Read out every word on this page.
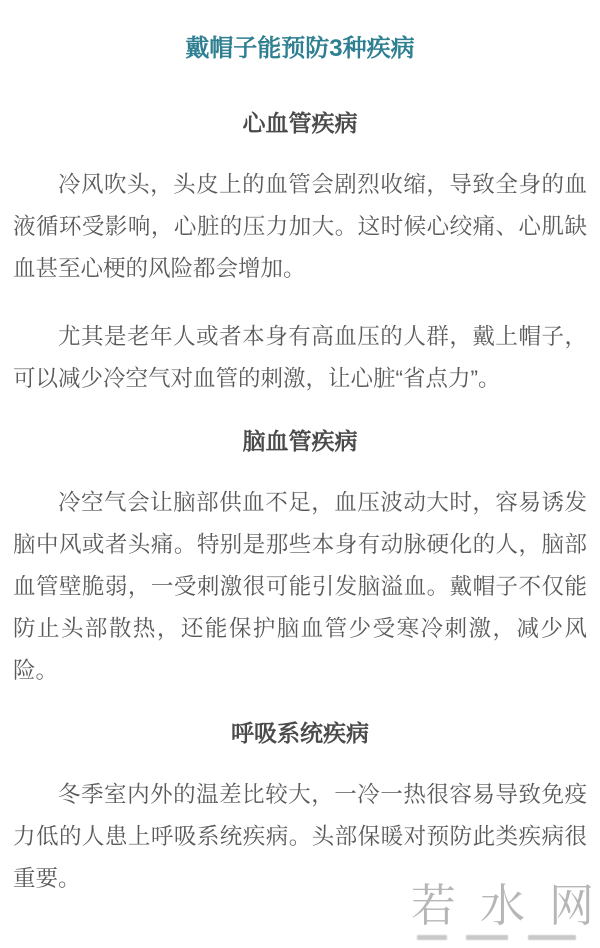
戴帽子能预防3种疾病
心血管疾病

冷风吹头，头皮上的血管会剧烈收缩，导致全身的血液循环受影响，心脏的压力加大。这时候心绞痛、心肌缺血甚至心梗的风险都会增加。

尤其是老年人或者本身有高血压的人群，戴上帽子，可以减少冷空气对血管的刺激，让心脏“省点力”。

脑血管疾病

冷空气会让脑部供血不足，血压波动大时，容易诱发脑中风或者头痛。特别是那些本身有动脉硬化的人，脑部血管壁脆弱，一受刺激很可能引发脑溢血。戴帽子不仅能防止头部散热，还能保护脑血管少受寒冷刺激，减少风险。

呼吸系统疾病

冬季室内外的温差比较大，一冷一热很容易导致免疫力低的人患上呼吸系统疾病。头部保暖对预防此类疾病很重要。

若 水 网
